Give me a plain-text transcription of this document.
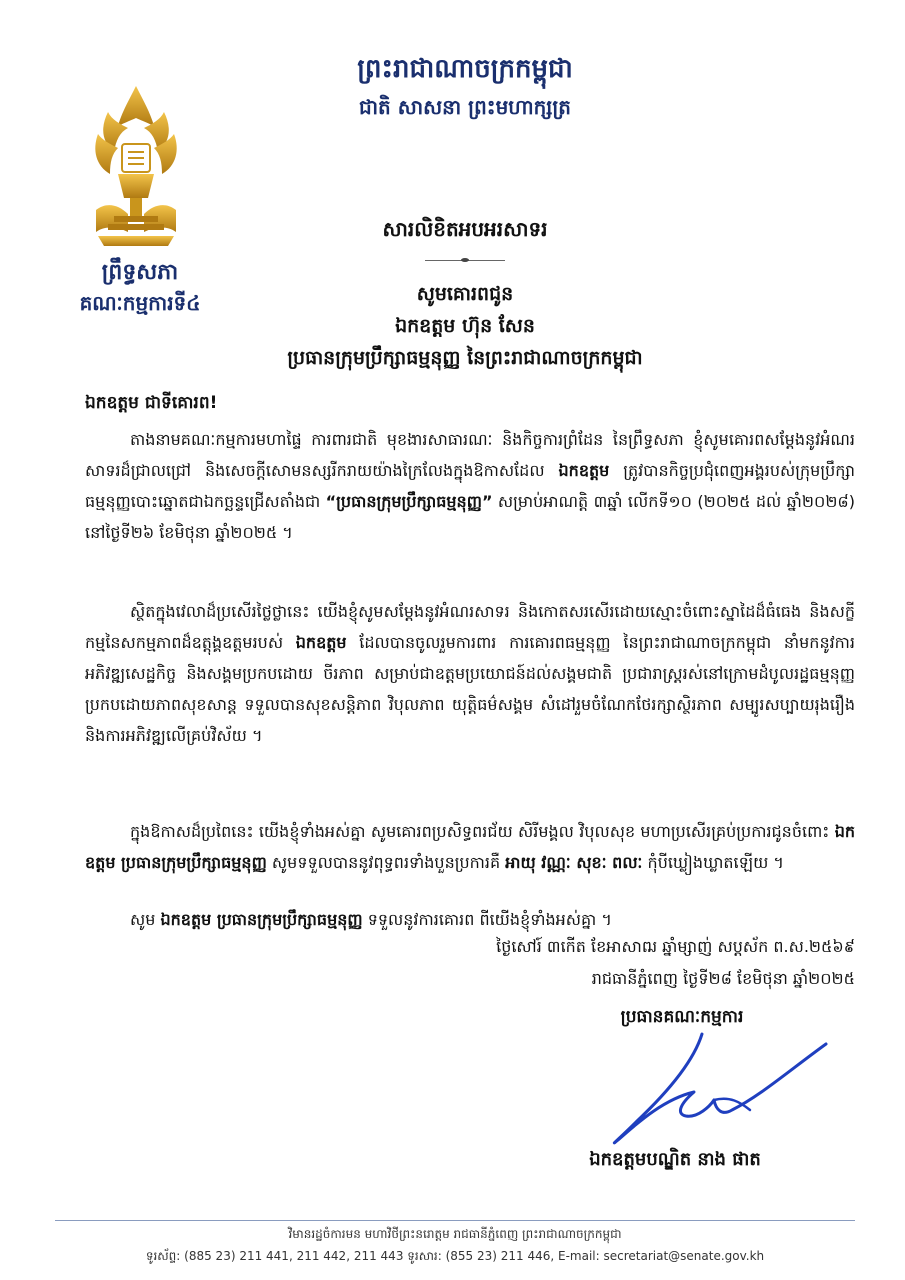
ព្រះរាជាណាចក្រកម្ពុជា
ជាតិ សាសនា ព្រះមហាក្សត្រ
ព្រឹទ្ធសភា
គណៈកម្មការទី៤
សារលិខិតអបអរសាទរ
សូមគោរពជូន
ឯកឧត្តម ហ៊ុន សែន
ប្រធានក្រុមប្រឹក្សាធម្មនុញ្ញ នៃព្រះរាជាណាចក្រកម្ពុជា
ឯកឧត្តម ជាទីគោរព!
តាងនាមគណៈកម្មការមហាផ្ទៃ ការពារជាតិ មុខងារសាធារណៈ និងកិច្ចការព្រំដែន នៃព្រឹទ្ធសភា ខ្ញុំសូមគោរពសម្តែងនូវអំណរសាទរដ៏ជ្រាលជ្រៅ និងសេចក្តីសោមនស្សរីករាយយ៉ាងក្រៃលែងក្នុងឱកាសដែល ឯកឧត្តម ត្រូវបានកិច្ចប្រជុំពេញអង្គរបស់ក្រុមប្រឹក្សាធម្មនុញ្ញបោះឆ្នោតជាឯកច្ឆន្ទជ្រើសតាំងជា “ប្រធានក្រុមប្រឹក្សាធម្មនុញ្ញ” សម្រាប់អាណត្តិ ៣ឆ្នាំ លើកទី១០ (២០២៥ ដល់ ឆ្នាំ២០២៨) នៅថ្ងៃទី២៦ ខែមិថុនា ឆ្នាំ២០២៥ ។
ស្ថិតក្នុងវេលាដ៏ប្រសើរថ្លៃថ្លានេះ យើងខ្ញុំសូមសម្តែងនូវអំណរសាទរ និងកោតសរសើរដោយស្មោះចំពោះស្នាដៃដ៏ធំធេង និងសក្ខីកម្មនៃសកម្មភាពដ៏ឧត្តុង្គឧត្តមរបស់ ឯកឧត្តម ដែលបានចូលរួមការពារ ការគោរពធម្មនុញ្ញ នៃព្រះរាជាណាចក្រកម្ពុជា នាំមកនូវការអភិវឌ្ឍសេដ្ឋកិច្ច និងសង្គមប្រកបដោយ ចីរភាព សម្រាប់ជាឧត្តមប្រយោជន៍ដល់សង្គមជាតិ ប្រជារាស្ត្ររស់នៅក្រោមដំបូលរដ្ឋធម្មនុញ្ញប្រកបដោយភាពសុខសាន្ត ទទួលបានសុខសន្តិភាព វិបុលភាព យុត្តិធម៌សង្គម សំដៅរួមចំណែកថែរក្សាស្ថិរភាព សម្បូរសប្បាយរុងរឿង និងការអភិវឌ្ឍលើគ្រប់វិស័យ ។
ក្នុងឱកាសដ៏ប្រពៃនេះ យើងខ្ញុំទាំងអស់គ្នា សូមគោរពប្រសិទ្ធពរជ័យ សិរីមង្គល វិបុលសុខ មហាប្រសើរគ្រប់ប្រការជូនចំពោះ ឯកឧត្តម ប្រធានក្រុមប្រឹក្សាធម្មនុញ្ញ សូមទទួលបាននូវពុទ្ធពរទាំងបួនប្រការគឺ អាយុ វណ្ណៈ សុខៈ ពលៈ កុំបីឃ្លៀងឃ្លាតឡើយ ។
សូម ឯកឧត្តម ប្រធានក្រុមប្រឹក្សាធម្មនុញ្ញ ទទួលនូវការគោរព ពីយើងខ្ញុំទាំងអស់គ្នា ។
ថ្ងៃសៅរ៍ ៣កើត ខែអាសាឍ ឆ្នាំម្សាញ់ សប្តស័ក ព.ស.២៥៦៩
រាជធានីភ្នំពេញ ថ្ងៃទី២៨ ខែមិថុនា ឆ្នាំ២០២៥
ប្រធានគណៈកម្មការ
ឯកឧត្តមបណ្ឌិត នាង ផាត
វិមានរដ្ឋចំការមន មហាវិថីព្រះនរោត្តម រាជធានីភ្នំពេញ ព្រះរាជាណាចក្រកម្ពុជា
ទូរស័ព្ទ: (885 23) 211 441, 211 442, 211 443 ទូរសារ: (855 23) 211 446, E-mail: secretariat@senate.gov.kh
